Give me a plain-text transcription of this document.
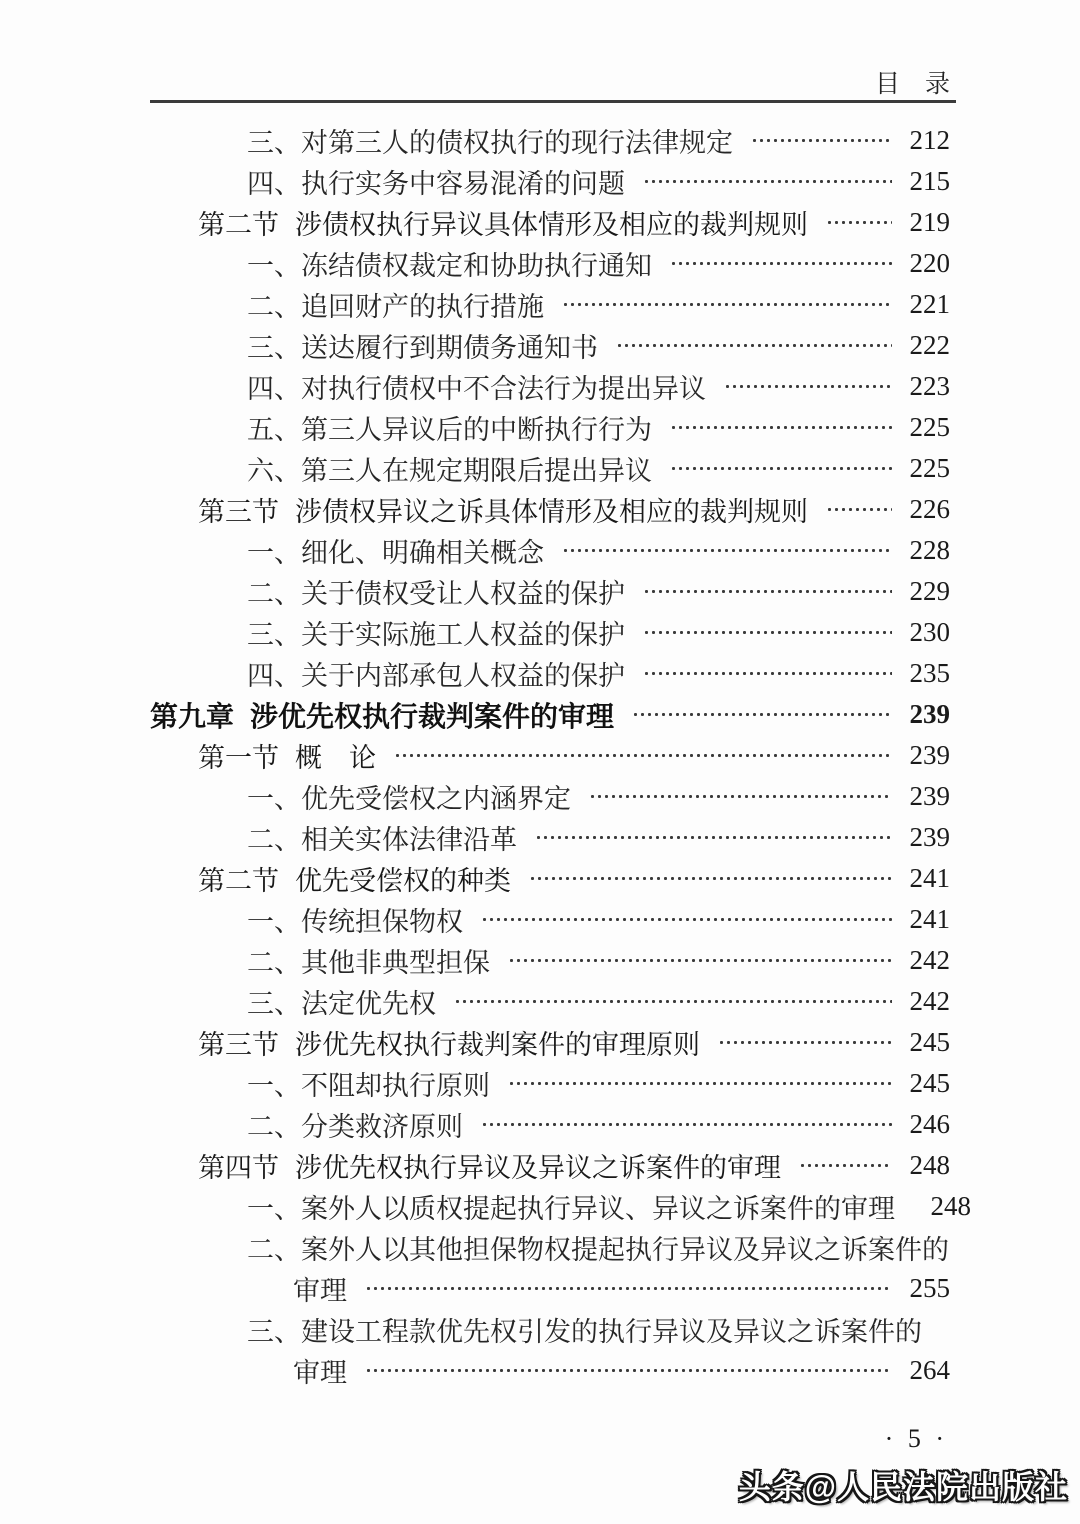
目　录
三、对第三人的债权执行的现行法律规定	212
四、执行实务中容易混淆的问题	215
第二节 涉债权执行异议具体情形及相应的裁判规则	219
一、冻结债权裁定和协助执行通知	220
二、追回财产的执行措施	221
三、送达履行到期债务通知书	222
四、对执行债权中不合法行为提出异议	223
五、第三人异议后的中断执行行为	225
六、第三人在规定期限后提出异议	225
第三节 涉债权异议之诉具体情形及相应的裁判规则	226
一、细化、明确相关概念	228
二、关于债权受让人权益的保护	229
三、关于实际施工人权益的保护	230
四、关于内部承包人权益的保护	235
第九章 涉优先权执行裁判案件的审理	239
第一节 概　论	239
一、优先受偿权之内涵界定	239
二、相关实体法律沿革	239
第二节 优先受偿权的种类	241
一、传统担保物权	241
二、其他非典型担保	242
三、法定优先权	242
第三节 涉优先权执行裁判案件的审理原则	245
一、不阻却执行原则	245
二、分类救济原则	246
第四节 涉优先权执行异议及异议之诉案件的审理	248
一、案外人以质权提起执行异议、异议之诉案件的审理 248
二、案外人以其他担保物权提起执行异议及异议之诉案件的
审理	255
三、建设工程款优先权引发的执行异议及异议之诉案件的
审理	264
· 5 ·
头条@人民法院出版社
